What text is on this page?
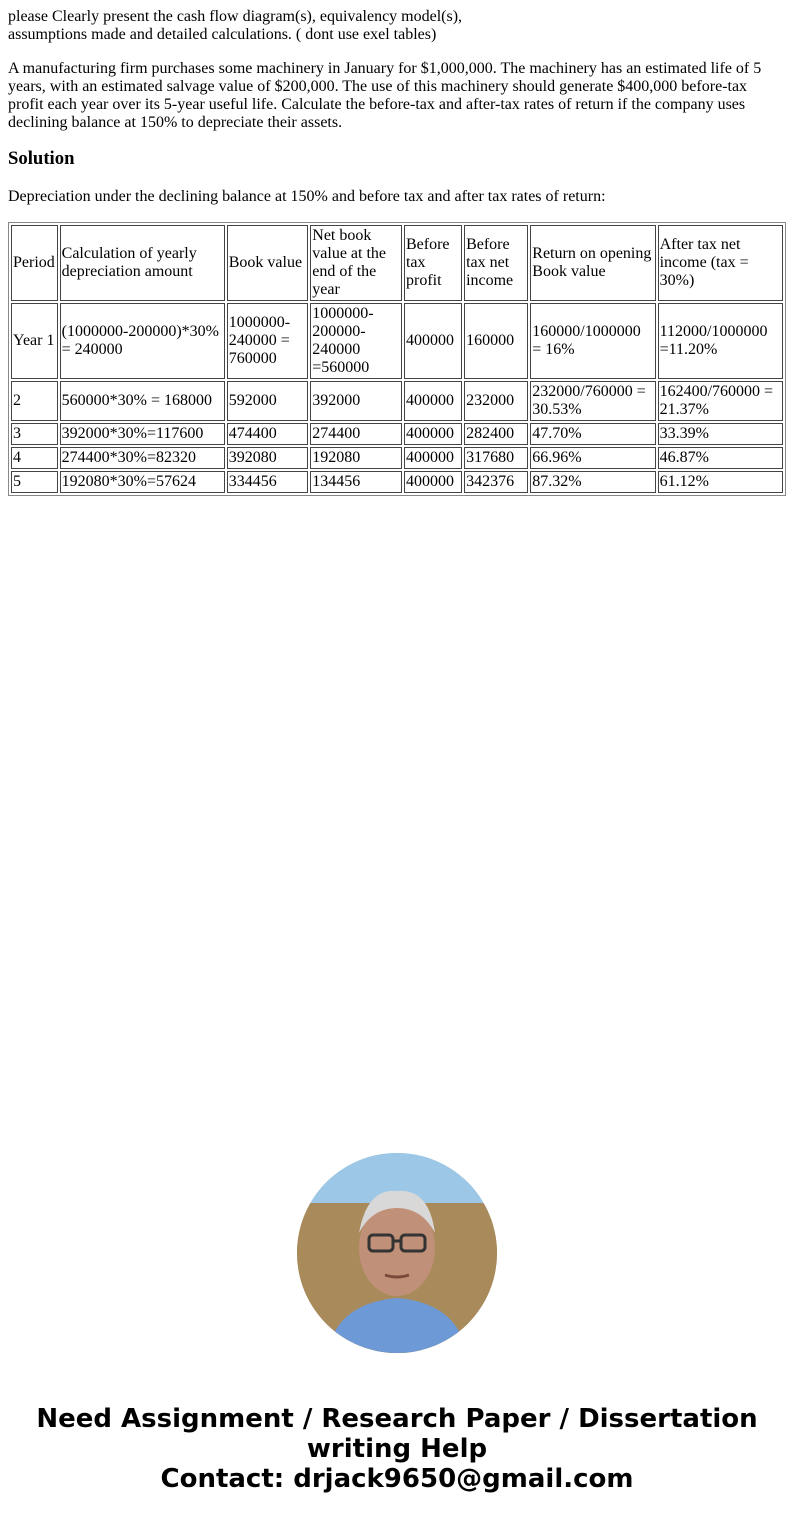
please Clearly present the cash flow diagram(s), equivalency model(s), assumptions made and detailed calculations. ( dont use exel tables)

A manufacturing firm purchases some machinery in January for $1,000,000. The machinery has an estimated life of 5 years, with an estimated salvage value of $200,000. The use of this machinery should generate $400,000 before-tax profit each year over its 5-year useful life. Calculate the before-tax and after-tax rates of return if the company uses declining balance at 150% to depreciate their assets.

Solution

Depreciation under the declining balance at 150% and before tax and after tax rates of return:

Period	Calculation of yearly depreciation amount	Book value	Net book value at the end of the year	Before tax profit	Before tax net income	Return on opening Book value	After tax net income (tax = 30%)
Year 1	(1000000-200000)*30% = 240000	1000000-240000 = 760000	1000000-200000-240000 =560000	400000	160000	160000/1000000 = 16%	112000/1000000 =11.20%
2	560000*30% = 168000	592000	392000	400000	232000	232000/760000 = 30.53%	162400/760000 = 21.37%
3	392000*30%=117600	474400	274400	400000	282400	47.70%	33.39%
4	274400*30%=82320	392080	192080	400000	317680	66.96%	46.87%
5	192080*30%=57624	334456	134456	400000	342376	87.32%	61.12%
Need Assignment / Research Paper / Dissertation writing Help
Contact: drjack9650@gmail.com
